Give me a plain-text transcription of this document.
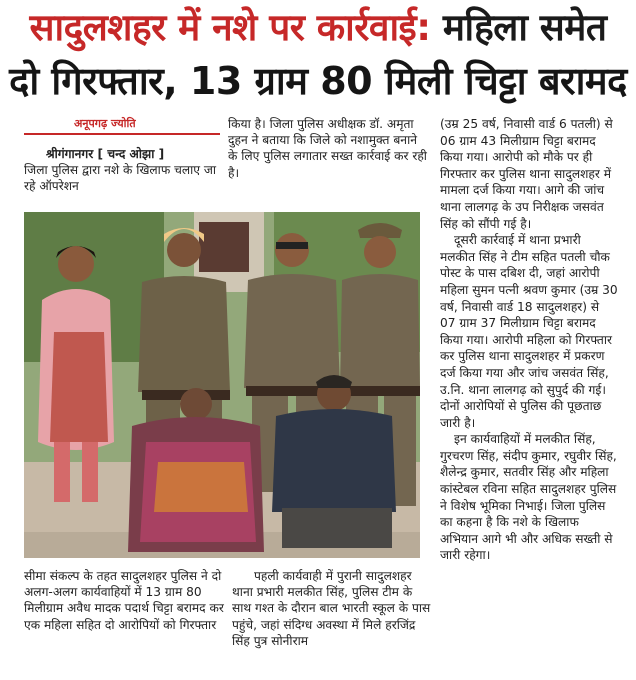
सादुलशहर में नशे पर कार्रवाई: महिला समेत
दो गिरफ्तार, 13 ग्राम 80 मिली चिट्टा बरामद
अनूपगढ़ ज्योति

श्रीगंगानगर [ चन्द ओझा ]

जिला पुलिस द्वारा नशे के खिलाफ चलाए जा रहे ऑपरेशन

किया है। जिला पुलिस अधीक्षक डॉ. अमृता दुहन ने बताया कि जिले को नशामुक्त बनाने के लिए पुलिस लगातार सख्त कार्रवाई कर रही है।

(उम्र 25 वर्ष, निवासी वार्ड 6 पतली) से 06 ग्राम 43 मिलीग्राम चिट्टा बरामद किया गया। आरोपी को मौके पर ही गिरफ्तार कर पुलिस थाना सादुलशहर में मामला दर्ज किया गया। आगे की जांच थाना लालगढ़ के उप निरीक्षक जसवंत सिंह को सौंपी गई है।

दूसरी कार्रवाई में थाना प्रभारी मलकीत सिंह ने टीम सहित पतली चौक पोस्ट के पास दबिश दी, जहां आरोपी महिला सुमन पत्नी श्रवण कुमार (उम्र 30 वर्ष, निवासी वार्ड 18 सादुलशहर) से 07 ग्राम 37 मिलीग्राम चिट्टा बरामद किया गया। आरोपी महिला को गिरफ्तार कर पुलिस थाना सादुलशहर में प्रकरण दर्ज किया गया और जांच जसवंत सिंह, उ.नि. थाना लालगढ़ को सुपुर्द की गई। दोनों आरोपियों से पुलिस की पूछताछ जारी है।

इन कार्यवाहियों में मलकीत सिंह, गुरचरण सिंह, संदीप कुमार, रघुवीर सिंह, शैलेन्द्र कुमार, सतवीर सिंह और महिला कांस्टेबल रविना सहित सादुलशहर पुलिस ने विशेष भूमिका निभाई। जिला पुलिस का कहना है कि नशे के खिलाफ अभियान आगे भी और अधिक सख्ती से जारी रहेगा।

सीमा संकल्प के तहत सादुलशहर पुलिस ने दो अलग-अलग कार्यवाहियों में 13 ग्राम 80 मिलीग्राम अवैध मादक पदार्थ चिट्टा बरामद कर एक महिला सहित दो आरोपियों को गिरफ्तार

पहली कार्यवाही में पुरानी सादुलशहर थाना प्रभारी मलकीत सिंह, पुलिस टीम के साथ गश्त के दौरान बाल भारती स्कूल के पास पहुंचे, जहां संदिग्ध अवस्था में मिले हरजिंद्र सिंह पुत्र सोनीराम
